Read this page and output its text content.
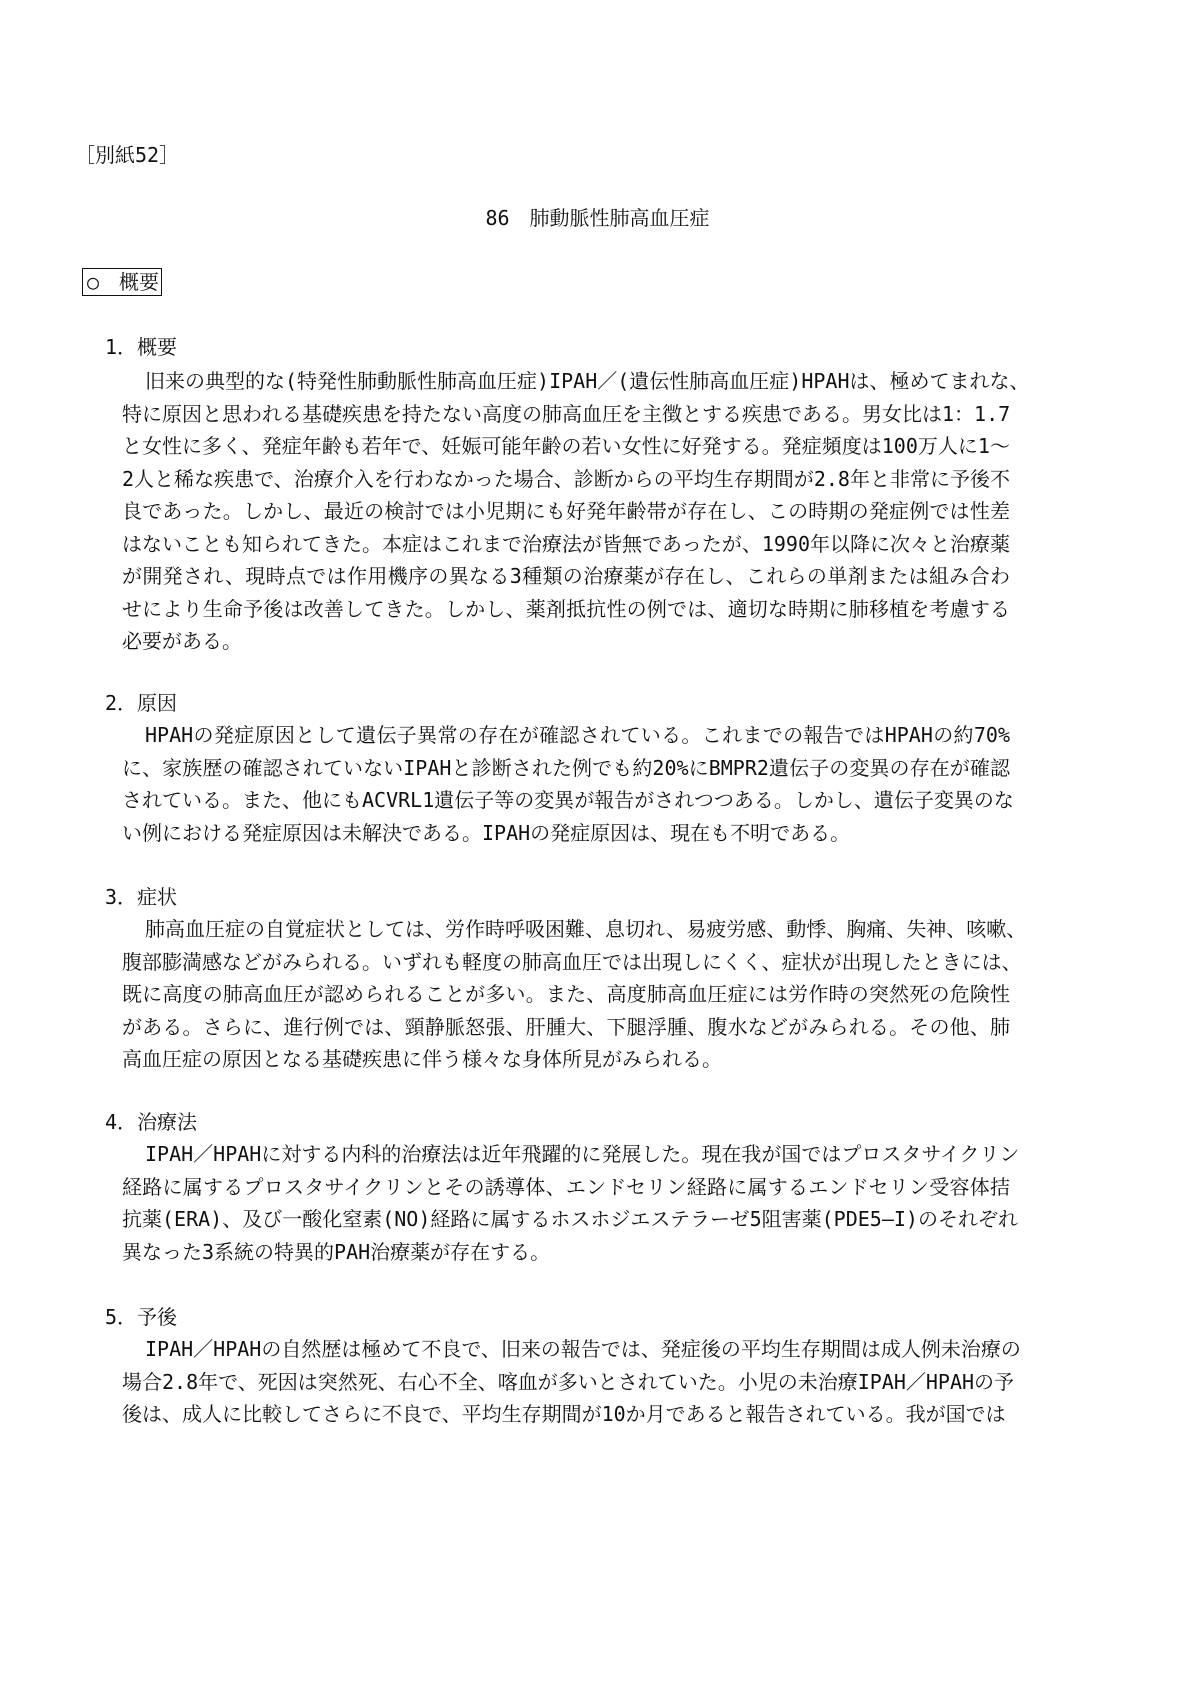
［別紙52］
86　肺動脈性肺高血圧症
○　概要
1．概要
旧来の典型的な(特発性肺動脈性肺高血圧症)IPAH／(遺伝性肺高血圧症)HPAHは、極めてまれな、
特に原因と思われる基礎疾患を持たない高度の肺高血圧を主徴とする疾患である。男女比は1：1.7
と女性に多く、発症年齢も若年で、妊娠可能年齢の若い女性に好発する。発症頻度は100万人に1～
2人と稀な疾患で、治療介入を行わなかった場合、診断からの平均生存期間が2.8年と非常に予後不
良であった。しかし、最近の検討では小児期にも好発年齢帯が存在し、この時期の発症例では性差
はないことも知られてきた。本症はこれまで治療法が皆無であったが、1990年以降に次々と治療薬
が開発され、現時点では作用機序の異なる3種類の治療薬が存在し、これらの単剤または組み合わ
せにより生命予後は改善してきた。しかし、薬剤抵抗性の例では、適切な時期に肺移植を考慮する
必要がある。
2．原因
HPAHの発症原因として遺伝子異常の存在が確認されている。これまでの報告ではHPAHの約70%
に、家族歴の確認されていないIPAHと診断された例でも約20%にBMPR2遺伝子の変異の存在が確認
されている。また、他にもACVRL1遺伝子等の変異が報告がされつつある。しかし、遺伝子変異のな
い例における発症原因は未解決である。IPAHの発症原因は、現在も不明である。
3．症状
肺高血圧症の自覚症状としては、労作時呼吸困難、息切れ、易疲労感、動悸、胸痛、失神、咳嗽、
腹部膨満感などがみられる。いずれも軽度の肺高血圧では出現しにくく、症状が出現したときには、
既に高度の肺高血圧が認められることが多い。また、高度肺高血圧症には労作時の突然死の危険性
がある。さらに、進行例では、頸静脈怒張、肝腫大、下腿浮腫、腹水などがみられる。その他、肺
高血圧症の原因となる基礎疾患に伴う様々な身体所見がみられる。
4．治療法
IPAH／HPAHに対する内科的治療法は近年飛躍的に発展した。現在我が国ではプロスタサイクリン
経路に属するプロスタサイクリンとその誘導体、エンドセリン経路に属するエンドセリン受容体拮
抗薬(ERA)、及び一酸化窒素(NO)経路に属するホスホジエステラーゼ5阻害薬(PDE5―I)のそれぞれ
異なった3系統の特異的PAH治療薬が存在する。
5．予後
IPAH／HPAHの自然歴は極めて不良で、旧来の報告では、発症後の平均生存期間は成人例未治療の
場合2.8年で、死因は突然死、右心不全、喀血が多いとされていた。小児の未治療IPAH／HPAHの予
後は、成人に比較してさらに不良で、平均生存期間が10か月であると報告されている。我が国では
